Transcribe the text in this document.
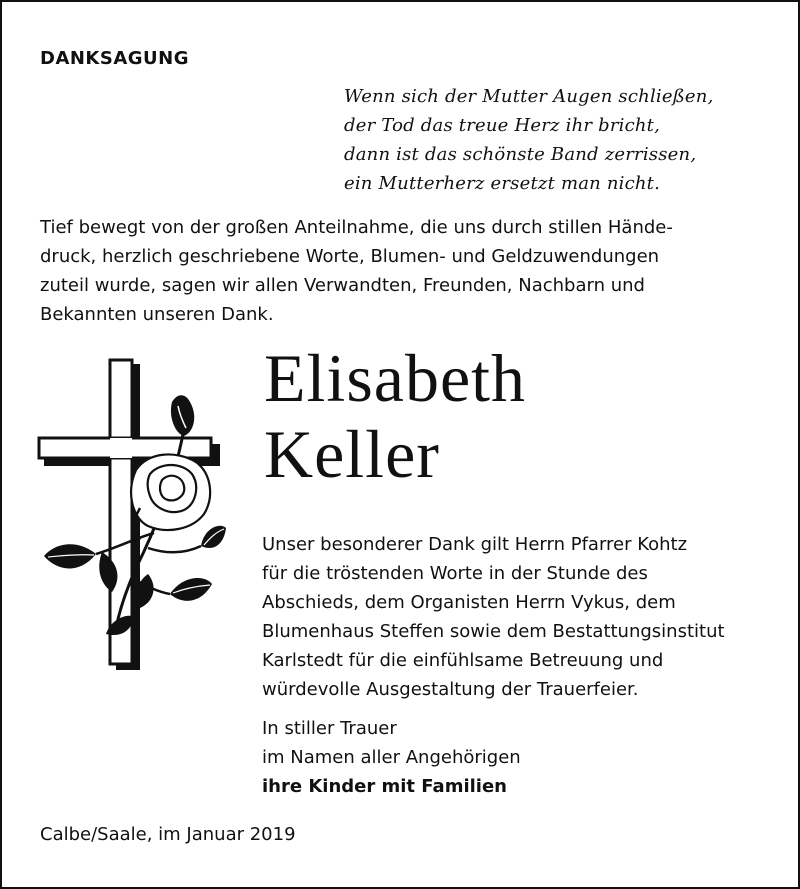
DANKSAGUNG
Wenn sich der Mutter Augen schließen,
der Tod das treue Herz ihr bricht,
dann ist das schönste Band zerrissen,
ein Mutterherz ersetzt man nicht.
Tief bewegt von der großen Anteilnahme, die uns durch stillen Hände-
druck, herzlich geschriebene Worte, Blumen- und Geldzuwendungen
zuteil wurde, sagen wir allen Verwandten, Freunden, Nachbarn und
Bekannten unseren Dank.
Elisabeth
Keller
Unser besonderer Dank gilt Herrn Pfarrer Kohtz
für die tröstenden Worte in der Stunde des
Abschieds, dem Organisten Herrn Vykus, dem
Blumenhaus Steffen sowie dem Bestattungsinstitut
Karlstedt für die einfühlsame Betreuung und
würdevolle Ausgestaltung der Trauerfeier.
In stiller Trauer
im Namen aller Angehörigen
ihre Kinder mit Familien
Calbe/Saale, im Januar 2019
